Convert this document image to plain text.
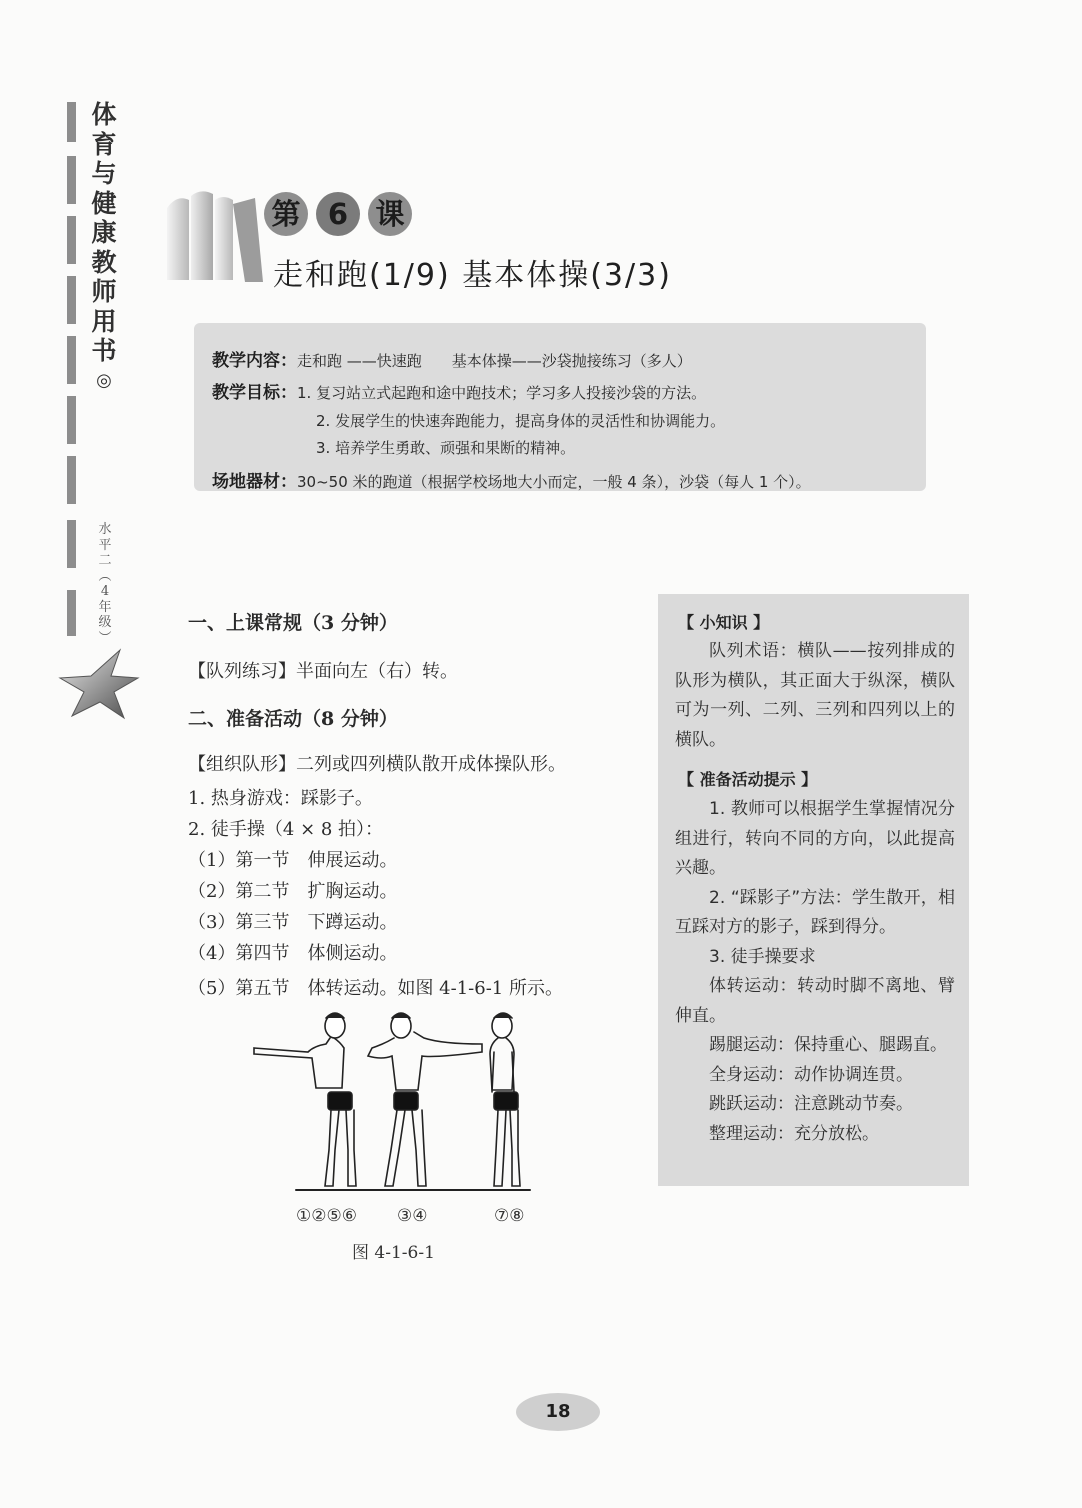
体
育
与
健
康
教
师
用
书
◎
水
平
二
︵
4
年
级
︶
第 6 课
走和跑(1/9) 基本体操(3/3)
教学内容：走和跑 ——快速跑　　基本体操——沙袋抛接练习（多人）
教学目标：1. 复习站立式起跑和途中跑技术；学习多人投接沙袋的方法。
2. 发展学生的快速奔跑能力，提高身体的灵活性和协调能力。
3. 培养学生勇敢、顽强和果断的精神。
场地器材：30~50 米的跑道（根据学校场地大小而定，一般 4 条），沙袋（每人 1 个）。
一、上课常规（3 分钟）
【队列练习】半面向左（右）转。
二、准备活动（8 分钟）
【组织队形】二列或四列横队散开成体操队形。
1. 热身游戏：踩影子。
2. 徒手操（4 × 8 拍）：
（1）第一节　伸展运动。
（2）第二节　扩胸运动。
（3）第三节　下蹲运动。
（4）第四节　体侧运动。
（5）第五节　体转运动。如图 4-1-6-1 所示。
①②⑤⑥ ③④	⑦⑧
图 4-1-6-1
【 小知识 】

队列术语：横队——按列排成的队形为横队，其正面大于纵深，横队可为一列、二列、三列和四列以上的横队。

【 准备活动提示 】

1. 教师可以根据学生掌握情况分组进行，转向不同的方向，以此提高兴趣。

2. “踩影子”方法：学生散开，相互踩对方的影子，踩到得分。

3. 徒手操要求

体转运动：转动时脚不离地、臂伸直。

踢腿运动：保持重心、腿踢直。

全身运动：动作协调连贯。

跳跃运动：注意跳动节奏。

整理运动：充分放松。

18
